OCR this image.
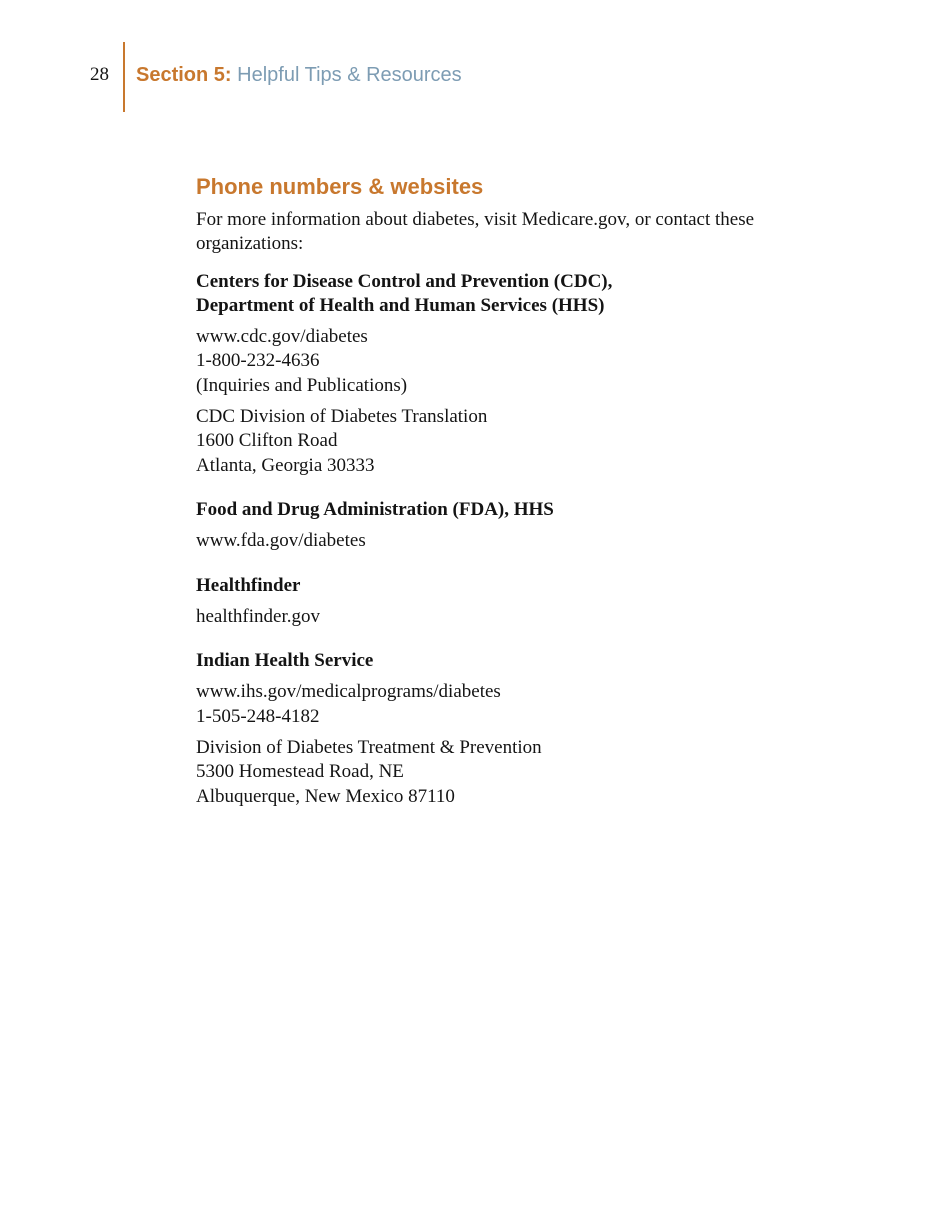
28 Section 5: Helpful Tips & Resources
Phone numbers & websites

For more information about diabetes, visit Medicare.gov, or contact these organizations:

Centers for Disease Control and Prevention (CDC),
Department of Health and Human Services (HHS)

www.cdc.gov/diabetes
1-800-232-4636
(Inquiries and Publications)

CDC Division of Diabetes Translation
1600 Clifton Road
Atlanta, Georgia 30333

Food and Drug Administration (FDA), HHS

www.fda.gov/diabetes

Healthfinder

healthfinder.gov

Indian Health Service

www.ihs.gov/medicalprograms/diabetes
1-505-248-4182

Division of Diabetes Treatment & Prevention
5300 Homestead Road, NE
Albuquerque, New Mexico 87110
